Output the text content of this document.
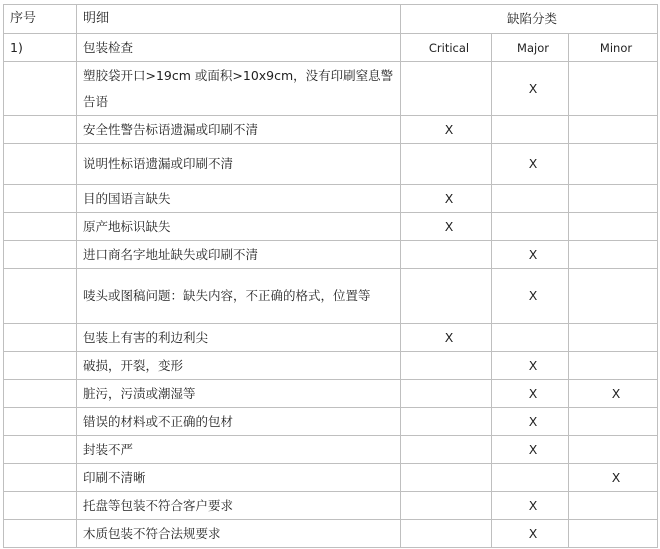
序号	明细	缺陷分类		
1)	包装检查	Critical	Major	Minor
	塑胶袋开口>19cm 或面积>10x9cm，没有印刷窒息警告语		X	
	安全性警告标语遗漏或印刷不清	X		
	说明性标语遗漏或印刷不清		X	
	目的国语言缺失	X		
	原产地标识缺失	X		
	进口商名字地址缺失或印刷不清		X	
	唛头或图稿问题：缺失内容，不正确的格式，位置等		X	
	包装上有害的利边利尖	X		
	破损，开裂，变形		X	
	脏污，污渍或潮湿等		X	X
	错误的材料或不正确的包材		X	
	封装不严		X	
	印刷不清晰			X
	托盘等包装不符合客户要求		X	
	木质包装不符合法规要求		X	
